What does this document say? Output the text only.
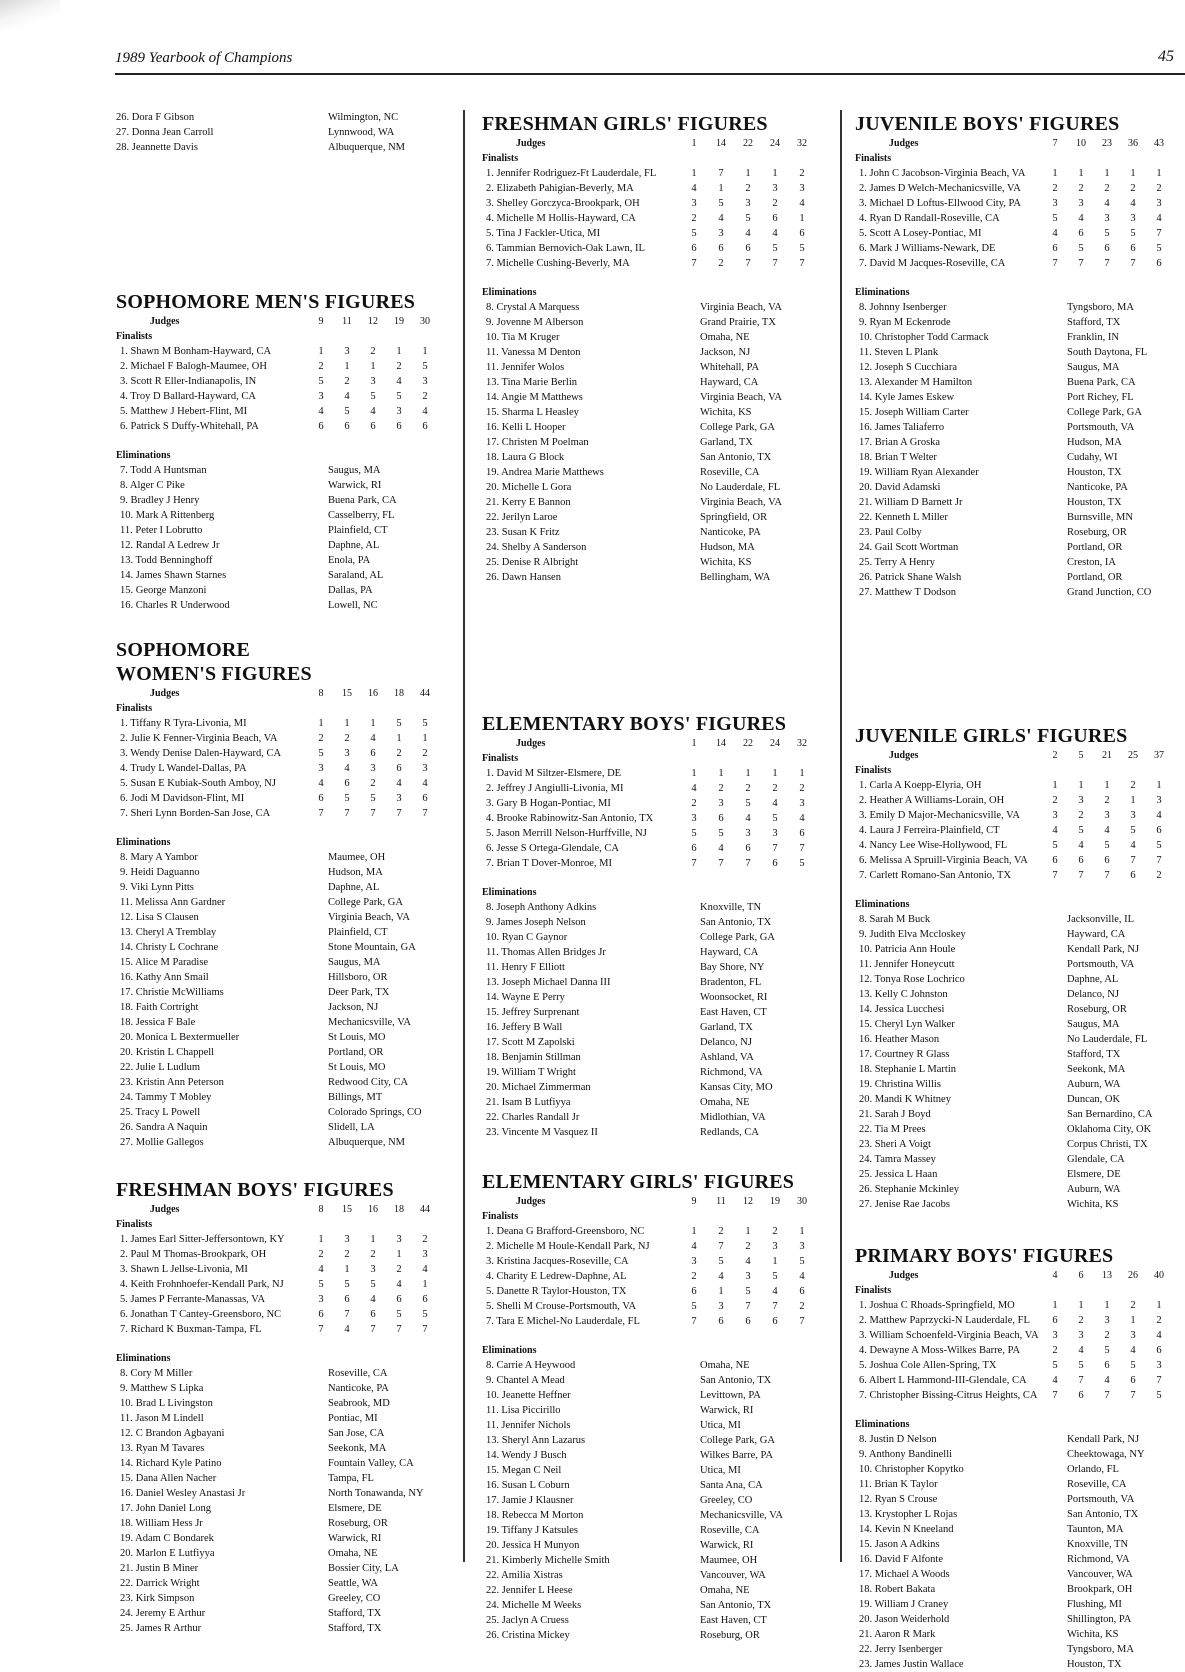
1989 Yearbook of Champions	45
26. Dora F Gibson	Wilmington, NC
27. Donna Jean Carroll	Lynnwood, WA
28. Jeannette Davis	Albuquerque, NM
SOPHOMORE MEN'S FIGURES
Judges	9	11	12	19	30
Finalists
1. Shawn M Bonham-Hayward, CA	1	3	2	1	1
2. Michael F Balogh-Maumee, OH	2	1	1	2	5
3. Scott R Eller-Indianapolis, IN	5	2	3	4	3
4. Troy D Ballard-Hayward, CA	3	4	5	5	2
5. Matthew J Hebert-Flint, MI	4	5	4	3	4
6. Patrick S Duffy-Whitehall, PA	6	6	6	6	6
Eliminations
7. Todd A Huntsman	Saugus, MA
8. Alger C Pike	Warwick, RI
9. Bradley J Henry	Buena Park, CA
10. Mark A Rittenberg	Casselberry, FL
11. Peter I Lobrutto	Plainfield, CT
12. Randal A Ledrew Jr	Daphne, AL
13. Todd Benninghoff	Enola, PA
14. James Shawn Starnes	Saraland, AL
15. George Manzoni	Dallas, PA
16. Charles R Underwood	Lowell, NC
SOPHOMORE
WOMEN'S FIGURES
Judges	8	15	16	18	44
Finalists
1. Tiffany R Tyra-Livonia, MI	1	1	1	5	5
2. Julie K Fenner-Virginia Beach, VA	2	2	4	1	1
3. Wendy Denise Dalen-Hayward, CA	5	3	6	2	2
4. Trudy L Wandel-Dallas, PA	3	4	3	6	3
5. Susan E Kubiak-South Amboy, NJ	4	6	2	4	4
6. Jodi M Davidson-Flint, MI	6	5	5	3	6
7. Sheri Lynn Borden-San Jose, CA	7	7	7	7	7
Eliminations
8. Mary A Yambor	Maumee, OH
9. Heidi Daguanno	Hudson, MA
9. Viki Lynn Pitts	Daphne, AL
11. Melissa Ann Gardner	College Park, GA
12. Lisa S Clausen	Virginia Beach, VA
13. Cheryl A Tremblay	Plainfield, CT
14. Christy L Cochrane	Stone Mountain, GA
15. Alice M Paradise	Saugus, MA
16. Kathy Ann Smail	Hillsboro, OR
17. Christie McWilliams	Deer Park, TX
18. Faith Cortright	Jackson, NJ
18. Jessica F Bale	Mechanicsville, VA
20. Monica L Bextermueller	St Louis, MO
20. Kristin L Chappell	Portland, OR
22. Julie L Ludlum	St Louis, MO
23. Kristin Ann Peterson	Redwood City, CA
24. Tammy T Mobley	Billings, MT
25. Tracy L Powell	Colorado Springs, CO
26. Sandra A Naquin	Slidell, LA
27. Mollie Gallegos	Albuquerque, NM
FRESHMAN BOYS' FIGURES
Judges	8	15	16	18	44
Finalists
1. James Earl Sitter-Jeffersontown, KY	1	3	1	3	2
2. Paul M Thomas-Brookpark, OH	2	2	2	1	3
3. Shawn L Jellse-Livonia, MI	4	1	3	2	4
4. Keith Frohnhoefer-Kendall Park, NJ	5	5	5	4	1
5. James P Ferrante-Manassas, VA	3	6	4	6	6
6. Jonathan T Cantey-Greensboro, NC	6	7	6	5	5
7. Richard K Buxman-Tampa, FL	7	4	7	7	7
Eliminations
8. Cory M Miller	Roseville, CA
9. Matthew S Lipka	Nanticoke, PA
10. Brad L Livingston	Seabrook, MD
11. Jason M Lindell	Pontiac, MI
12. C Brandon Agbayani	San Jose, CA
13. Ryan M Tavares	Seekonk, MA
14. Richard Kyle Patino	Fountain Valley, CA
15. Dana Allen Nacher	Tampa, FL
16. Daniel Wesley Anastasi Jr	North Tonawanda, NY
17. John Daniel Long	Elsmere, DE
18. William Hess Jr	Roseburg, OR
19. Adam C Bondarek	Warwick, RI
20. Marlon E Lutfiyya	Omaha, NE
21. Justin B Miner	Bossier City, LA
22. Darrick Wright	Seattle, WA
23. Kirk Simpson	Greeley, CO
24. Jeremy E Arthur	Stafford, TX
25. James R Arthur	Stafford, TX
FRESHMAN GIRLS' FIGURES
Judges	1	14	22	24	32
Finalists
1. Jennifer Rodriguez-Ft Lauderdale, FL	1	7	1	1	2
2. Elizabeth Pahigian-Beverly, MA	4	1	2	3	3
3. Shelley Gorczyca-Brookpark, OH	3	5	3	2	4
4. Michelle M Hollis-Hayward, CA	2	4	5	6	1
5. Tina J Fackler-Utica, MI	5	3	4	4	6
6. Tammian Bernovich-Oak Lawn, IL	6	6	6	5	5
7. Michelle Cushing-Beverly, MA	7	2	7	7	7
Eliminations
8. Crystal A Marquess	Virginia Beach, VA
9. Jovenne M Alberson	Grand Prairie, TX
10. Tia M Kruger	Omaha, NE
11. Vanessa M Denton	Jackson, NJ
11. Jennifer Wolos	Whitehall, PA
13. Tina Marie Berlin	Hayward, CA
14. Angie M Matthews	Virginia Beach, VA
15. Sharma L Heasley	Wichita, KS
16. Kelli L Hooper	College Park, GA
17. Christen M Poelman	Garland, TX
18. Laura G Block	San Antonio, TX
19. Andrea Marie Matthews	Roseville, CA
20. Michelle L Gora	No Lauderdale, FL
21. Kerry E Bannon	Virginia Beach, VA
22. Jerilyn Laroe	Springfield, OR
23. Susan K Fritz	Nanticoke, PA
24. Shelby A Sanderson	Hudson, MA
25. Denise R Albright	Wichita, KS
26. Dawn Hansen	Bellingham, WA
ELEMENTARY BOYS' FIGURES
Judges	1	14	22	24	32
Finalists
1. David M Siltzer-Elsmere, DE	1	1	1	1	1
2. Jeffrey J Angiulli-Livonia, MI	4	2	2	2	2
3. Gary B Hogan-Pontiac, MI	2	3	5	4	3
4. Brooke Rabinowitz-San Antonio, TX	3	6	4	5	4
5. Jason Merrill Nelson-Hurffville, NJ	5	5	3	3	6
6. Jesse S Ortega-Glendale, CA	6	4	6	7	7
7. Brian T Dover-Monroe, MI	7	7	7	6	5
Eliminations
8. Joseph Anthony Adkins	Knoxville, TN
9. James Joseph Nelson	San Antonio, TX
10. Ryan C Gaynor	College Park, GA
11. Thomas Allen Bridges Jr	Hayward, CA
11. Henry F Elliott	Bay Shore, NY
13. Joseph Michael Danna III	Bradenton, FL
14. Wayne E Perry	Woonsocket, RI
15. Jeffrey Surprenant	East Haven, CT
16. Jeffery B Wall	Garland, TX
17. Scott M Zapolski	Delanco, NJ
18. Benjamin Stillman	Ashland, VA
19. William T Wright	Richmond, VA
20. Michael Zimmerman	Kansas City, MO
21. Isam B Lutfiyya	Omaha, NE
22. Charles Randall Jr	Midlothian, VA
23. Vincente M Vasquez II	Redlands, CA
ELEMENTARY GIRLS' FIGURES
Judges	9	11	12	19	30
Finalists
1. Deana G Brafford-Greensboro, NC	1	2	1	2	1
2. Michelle M Houle-Kendall Park, NJ	4	7	2	3	3
3. Kristina Jacques-Roseville, CA	3	5	4	1	5
4. Charity E Ledrew-Daphne, AL	2	4	3	5	4
5. Danette R Taylor-Houston, TX	6	1	5	4	6
5. Shelli M Crouse-Portsmouth, VA	5	3	7	7	2
7. Tara E Michel-No Lauderdale, FL	7	6	6	6	7
Eliminations
8. Carrie A Heywood	Omaha, NE
9. Chantel A Mead	San Antonio, TX
10. Jeanette Heffner	Levittown, PA
11. Lisa Piccirillo	Warwick, RI
11. Jennifer Nichols	Utica, MI
13. Sheryl Ann Lazarus	College Park, GA
14. Wendy J Busch	Wilkes Barre, PA
15. Megan C Neil	Utica, MI
16. Susan L Coburn	Santa Ana, CA
17. Jamie J Klausner	Greeley, CO
18. Rebecca M Morton	Mechanicsville, VA
19. Tiffany J Katsules	Roseville, CA
20. Jessica H Munyon	Warwick, RI
21. Kimberly Michelle Smith	Maumee, OH
22. Amilia Xistras	Vancouver, WA
22. Jennifer L Heese	Omaha, NE
24. Michelle M Weeks	San Antonio, TX
25. Jaclyn A Cruess	East Haven, CT
26. Cristina Mickey	Roseburg, OR
JUVENILE BOYS' FIGURES
Judges	7	10	23	36	43
Finalists
1. John C Jacobson-Virginia Beach, VA	1	1	1	1	1
2. James D Welch-Mechanicsville, VA	2	2	2	2	2
3. Michael D Loftus-Ellwood City, PA	3	3	4	4	3
4. Ryan D Randall-Roseville, CA	5	4	3	3	4
5. Scott A Losey-Pontiac, MI	4	6	5	5	7
6. Mark J Williams-Newark, DE	6	5	6	6	5
7. David M Jacques-Roseville, CA	7	7	7	7	6
Eliminations
8. Johnny Isenberger	Tyngsboro, MA
9. Ryan M Eckenrode	Stafford, TX
10. Christopher Todd Carmack	Franklin, IN
11. Steven L Plank	South Daytona, FL
12. Joseph S Cucchiara	Saugus, MA
13. Alexander M Hamilton	Buena Park, CA
14. Kyle James Eskew	Port Richey, FL
15. Joseph William Carter	College Park, GA
16. James Taliaferro	Portsmouth, VA
17. Brian A Groska	Hudson, MA
18. Brian T Welter	Cudahy, WI
19. William Ryan Alexander	Houston, TX
20. David Adamski	Nanticoke, PA
21. William D Barnett Jr	Houston, TX
22. Kenneth L Miller	Burnsville, MN
23. Paul Colby	Roseburg, OR
24. Gail Scott Wortman	Portland, OR
25. Terry A Henry	Creston, IA
26. Patrick Shane Walsh	Portland, OR
27. Matthew T Dodson	Grand Junction, CO
JUVENILE GIRLS' FIGURES
Judges	2	5	21	25	37
Finalists
1. Carla A Koepp-Elyria, OH	1	1	1	2	1
2. Heather A Williams-Lorain, OH	2	3	2	1	3
3. Emily D Major-Mechanicsville, VA	3	2	3	3	4
4. Laura J Ferreira-Plainfield, CT	4	5	4	5	6
4. Nancy Lee Wise-Hollywood, FL	5	4	5	4	5
6. Melissa A Spruill-Virginia Beach, VA	6	6	6	7	7
7. Carlett Romano-San Antonio, TX	7	7	7	6	2
Eliminations
8. Sarah M Buck	Jacksonville, IL
9. Judith Elva Mccloskey	Hayward, CA
10. Patricia Ann Houle	Kendall Park, NJ
11. Jennifer Honeycutt	Portsmouth, VA
12. Tonya Rose Lochrico	Daphne, AL
13. Kelly C Johnston	Delanco, NJ
14. Jessica Lucchesi	Roseburg, OR
15. Cheryl Lyn Walker	Saugus, MA
16. Heather Mason	No Lauderdale, FL
17. Courtney R Glass	Stafford, TX
18. Stephanie L Martin	Seekonk, MA
19. Christina Willis	Auburn, WA
20. Mandi K Whitney	Duncan, OK
21. Sarah J Boyd	San Bernardino, CA
22. Tia M Prees	Oklahoma City, OK
23. Sheri A Voigt	Corpus Christi, TX
24. Tamra Massey	Glendale, CA
25. Jessica L Haan	Elsmere, DE
26. Stephanie Mckinley	Auburn, WA
27. Jenise Rae Jacobs	Wichita, KS
PRIMARY BOYS' FIGURES
Judges	4	6	13	26	40
Finalists
1. Joshua C Rhoads-Springfield, MO	1	1	1	2	1
2. Matthew Paprzycki-N Lauderdale, FL	6	2	3	1	2
3. William Schoenfeld-Virginia Beach, VA	3	3	2	3	4
4. Dewayne A Moss-Wilkes Barre, PA	2	4	5	4	6
5. Joshua Cole Allen-Spring, TX	5	5	6	5	3
6. Albert L Hammond-III-Glendale, CA	4	7	4	6	7
7. Christopher Bissing-Citrus Heights, CA	7	6	7	7	5
Eliminations
8. Justin D Nelson	Kendall Park, NJ
9. Anthony Bandinelli	Cheektowaga, NY
10. Christopher Kopytko	Orlando, FL
11. Brian K Taylor	Roseville, CA
12. Ryan S Crouse	Portsmouth, VA
13. Krystopher L Rojas	San Antonio, TX
14. Kevin N Kneeland	Taunton, MA
15. Jason A Adkins	Knoxville, TN
16. David F Alfonte	Richmond, VA
17. Michael A Woods	Vancouver, WA
18. Robert Bakata	Brookpark, OH
19. William J Craney	Flushing, MI
20. Jason Weiderhold	Shillington, PA
21. Aaron R Mark	Wichita, KS
22. Jerry Isenberger	Tyngsboro, MA
23. James Justin Wallace	Houston, TX
